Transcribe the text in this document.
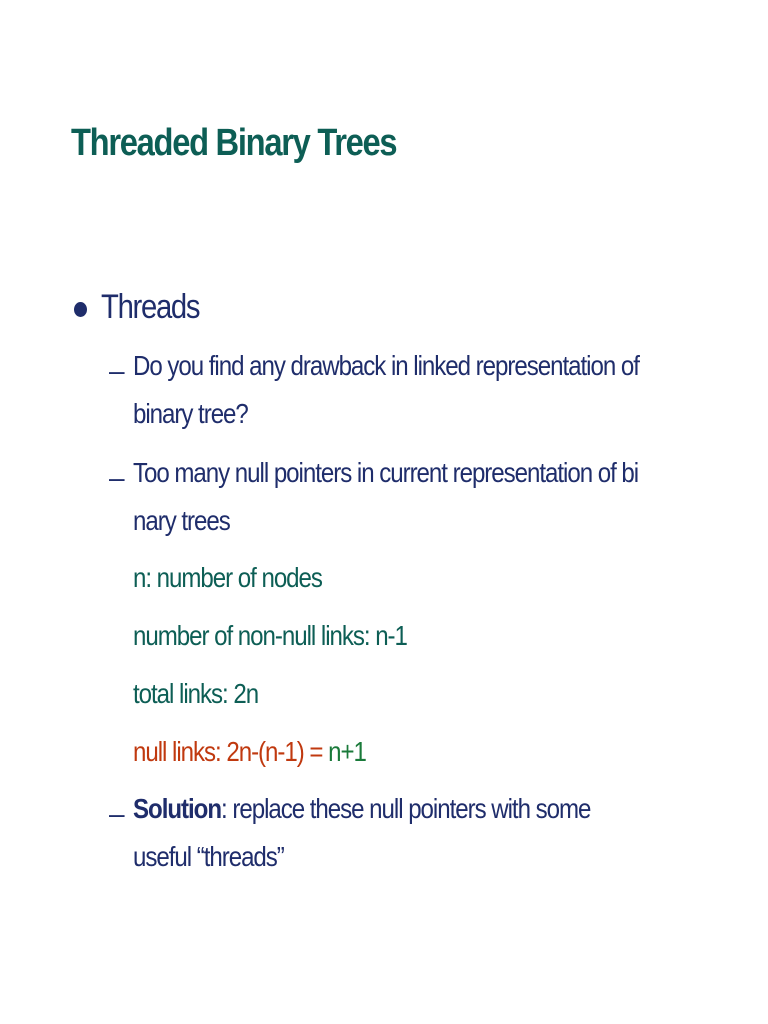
Threaded Binary Trees
Threads
– Do you find any drawback in linked representation of

binary tree?

– Too many null pointers in current representation of bi

nary trees

n: number of nodes

number of non-null links: n-1

total links: 2n

null links: 2n-(n-1) = n+1

– Solution: replace these null pointers with some

useful “threads”
